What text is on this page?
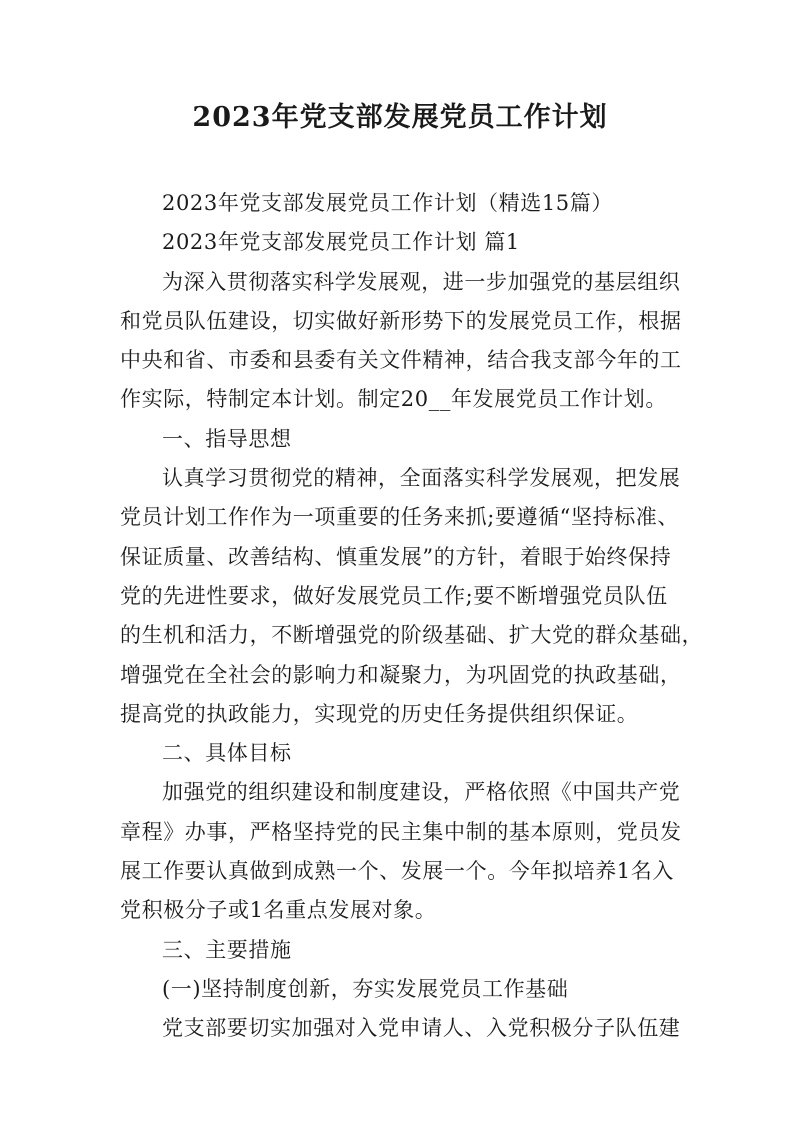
2023年党支部发展党员工作计划
2023年党支部发展党员工作计划（精选15篇）
2023年党支部发展党员工作计划 篇1
为深入贯彻落实科学发展观，进一步加强党的基层组织
和党员队伍建设，切实做好新形势下的发展党员工作，根据
中央和省、市委和县委有关文件精神，结合我支部今年的工
作实际，特制定本计划。制定20__年发展党员工作计划。
一、指导思想
认真学习贯彻党的精神，全面落实科学发展观，把发展
党员计划工作作为一项重要的任务来抓;要遵循“坚持标准、
保证质量、改善结构、慎重发展”的方针，着眼于始终保持
党的先进性要求，做好发展党员工作;要不断增强党员队伍
的生机和活力，不断增强党的阶级基础、扩大党的群众基础，
增强党在全社会的影响力和凝聚力，为巩固党的执政基础，
提高党的执政能力，实现党的历史任务提供组织保证。
二、具体目标
加强党的组织建设和制度建设，严格依照《中国共产党
章程》办事，严格坚持党的民主集中制的基本原则，党员发
展工作要认真做到成熟一个、发展一个。今年拟培养1名入
党积极分子或1名重点发展对象。
三、主要措施
(一)坚持制度创新，夯实发展党员工作基础
党支部要切实加强对入党申请人、入党积极分子队伍建
